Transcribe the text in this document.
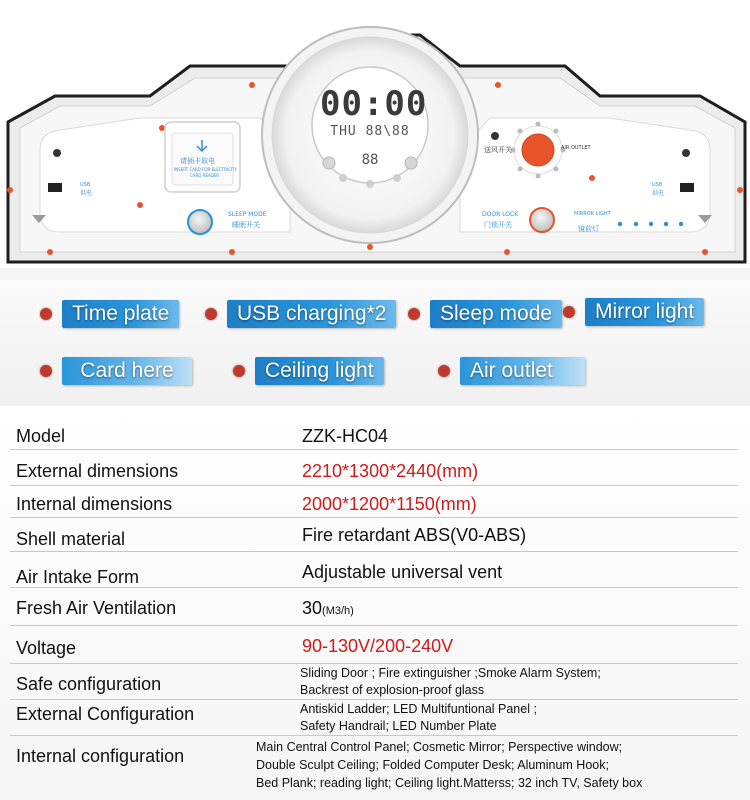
00:00
THU 88\88
88
请插卡取电
INSERT CARD FOR ELECTRICITY
CARD READER
SLEEP MODE
睡眠开关
送风开关	AIR OUTLET
DOOR LOCK
门锁开关
MIRROR LIGHT
镜前灯
USB
供电
USB
供电
Time plate	USB charging*2	Sleep mode	Mirror light
Card here	Ceiling light	Air outlet
Model	ZZK-HC04
External dimensions	2210*1300*2440(mm)
Internal dimensions	2000*1200*1150(mm)
Shell material	Fire retardant ABS(V0-ABS)
Air Intake Form	Adjustable universal vent
Fresh Air Ventilation	30(M3/h)
Voltage	90-130V/200-240V
Safe configuration
Sliding Door ; Fire extinguisher ;Smoke Alarm System;
Backrest of explosion-proof glass
External Configuration	Antiskid Ladder; LED Multifuntional Panel ;
Safety Handrail; LED Number Plate
Internal configuration	Main Central Control Panel; Cosmetic Mirror; Perspective window;
Double Sculpt Ceiling; Folded Computer Desk; Aluminum Hook;
Bed Plank; reading light; Ceiling light.Matterss; 32 inch TV, Safety box
